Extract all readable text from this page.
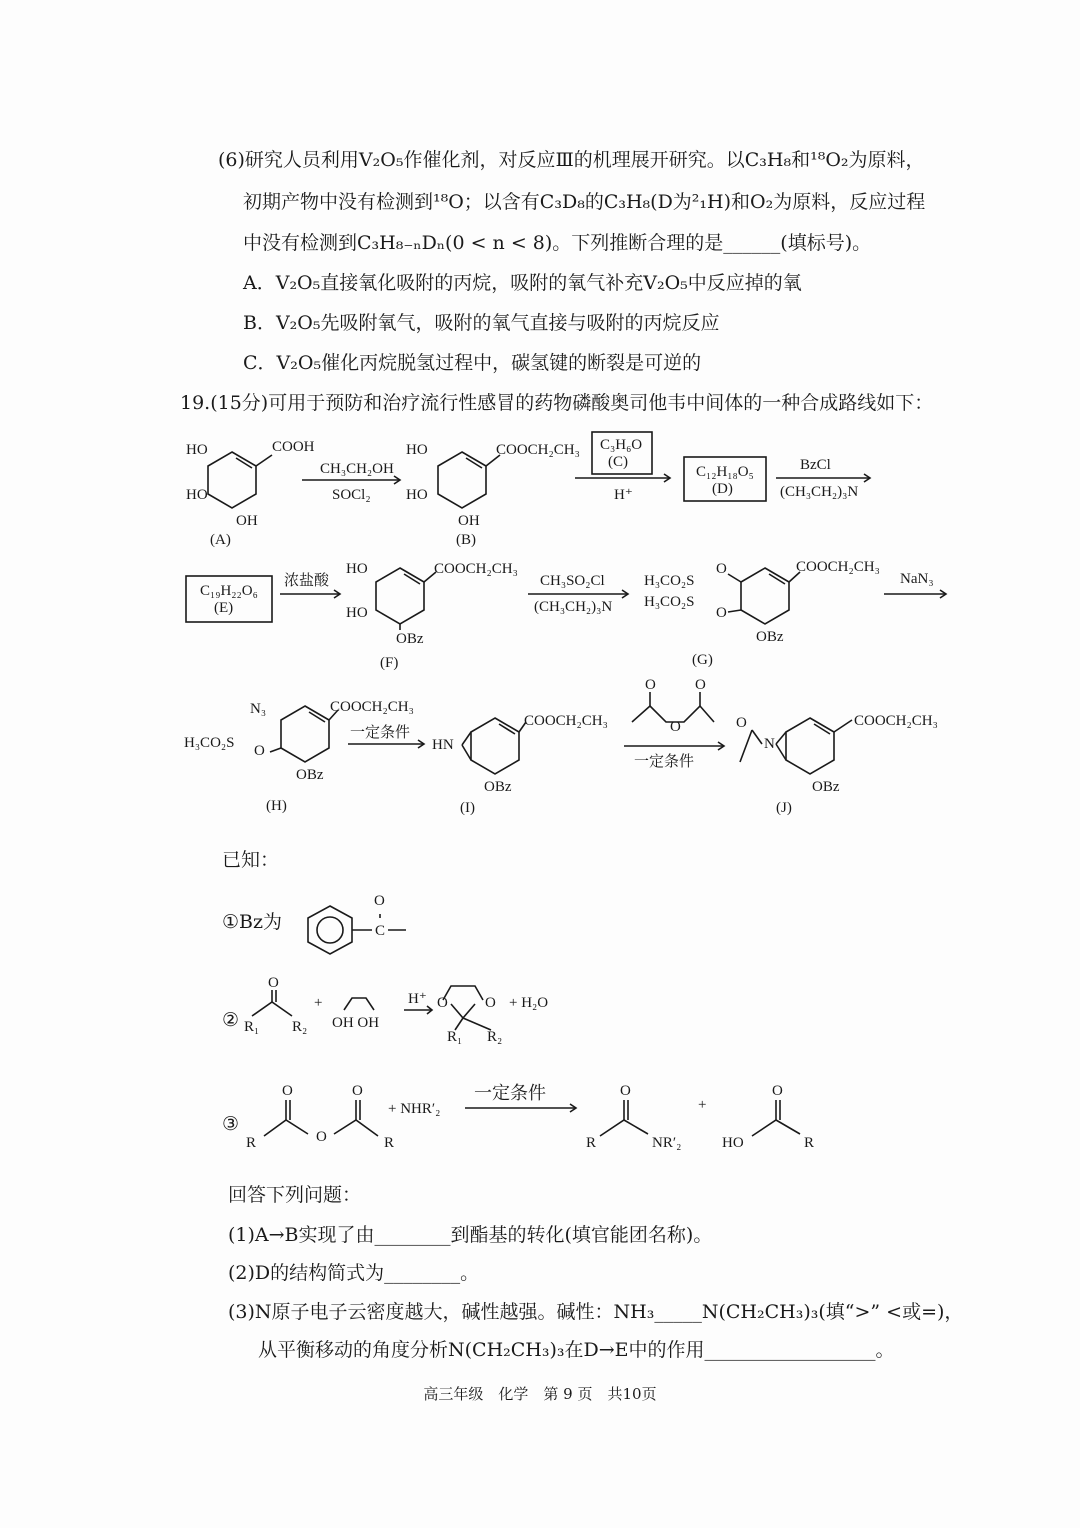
(6)研究人员利用V₂O₅作催化剂，对反应Ⅲ的机理展开研究。以C₃H₈和¹⁸O₂为原料，
初期产物中没有检测到¹⁸O；以含有C₃D₈的C₃H₈(D为²₁H)和O₂为原料，反应过程
中没有检测到C₃H₈₋ₙDₙ(0 < n < 8)。下列推断合理的是______(填标号)。
A．V₂O₅直接氧化吸附的丙烷，吸附的氧气补充V₂O₅中反应掉的氧
B．V₂O₅先吸附氧气，吸附的氧气直接与吸附的丙烷反应
C．V₂O₅催化丙烷脱氢过程中，碳氢键的断裂是可逆的
19.(15分)可用于预防和治疗流行性感冒的药物磷酸奥司他韦中间体的一种合成路线如下：
HO
HO
OH
COOH
(A)
CH₃CH₂OH
SOCl₂
HO
HO
OH
COOCH₂CH₃
(B)
C₃H₆O
(C)
H⁺
C₁₂H₁₈O₅
(D)
BzCl
(CH₃CH₂)₃N
C₁₉H₂₂O₆
(E)
浓盐酸
HO
HO
OBz
COOCH₂CH₃
(F)
CH₃SO₂Cl
(CH₃CH₂)₃N
H₃CO₂S
H₃CO₂S
O
O
COOCH₂CH₃
OBz
(G)
NaN₃
N₃
H₃CO₂S O
COOCH₂CH₃
OBz
(H)
一定条件
HN
COOCH₂CH₃
OBz
(I)
O	O
O
一定条件
O
N
COOCH₂CH₃
OBz
(J)
已知：
①Bz为
O
C
②
O
R₁ R₂
+
OH OH
H⁺ O O
R₁ R₂
+ H₂O
③
O	O
O
R	R
+ NHR′₂
一定条件	O
R	NR′₂
+
O
HO	R
回答下列问题：
(1)A→B实现了由________到酯基的转化(填官能团名称)。
(2)D的结构简式为________。
(3)N原子电子云密度越大，碱性越强。碱性：NH₃_____N(CH₂CH₃)₃(填“>” <或=)，
从平衡移动的角度分析N(CH₂CH₃)₃在D→E中的作用__________________。
高三年级　化学　第 9 页　共10页
